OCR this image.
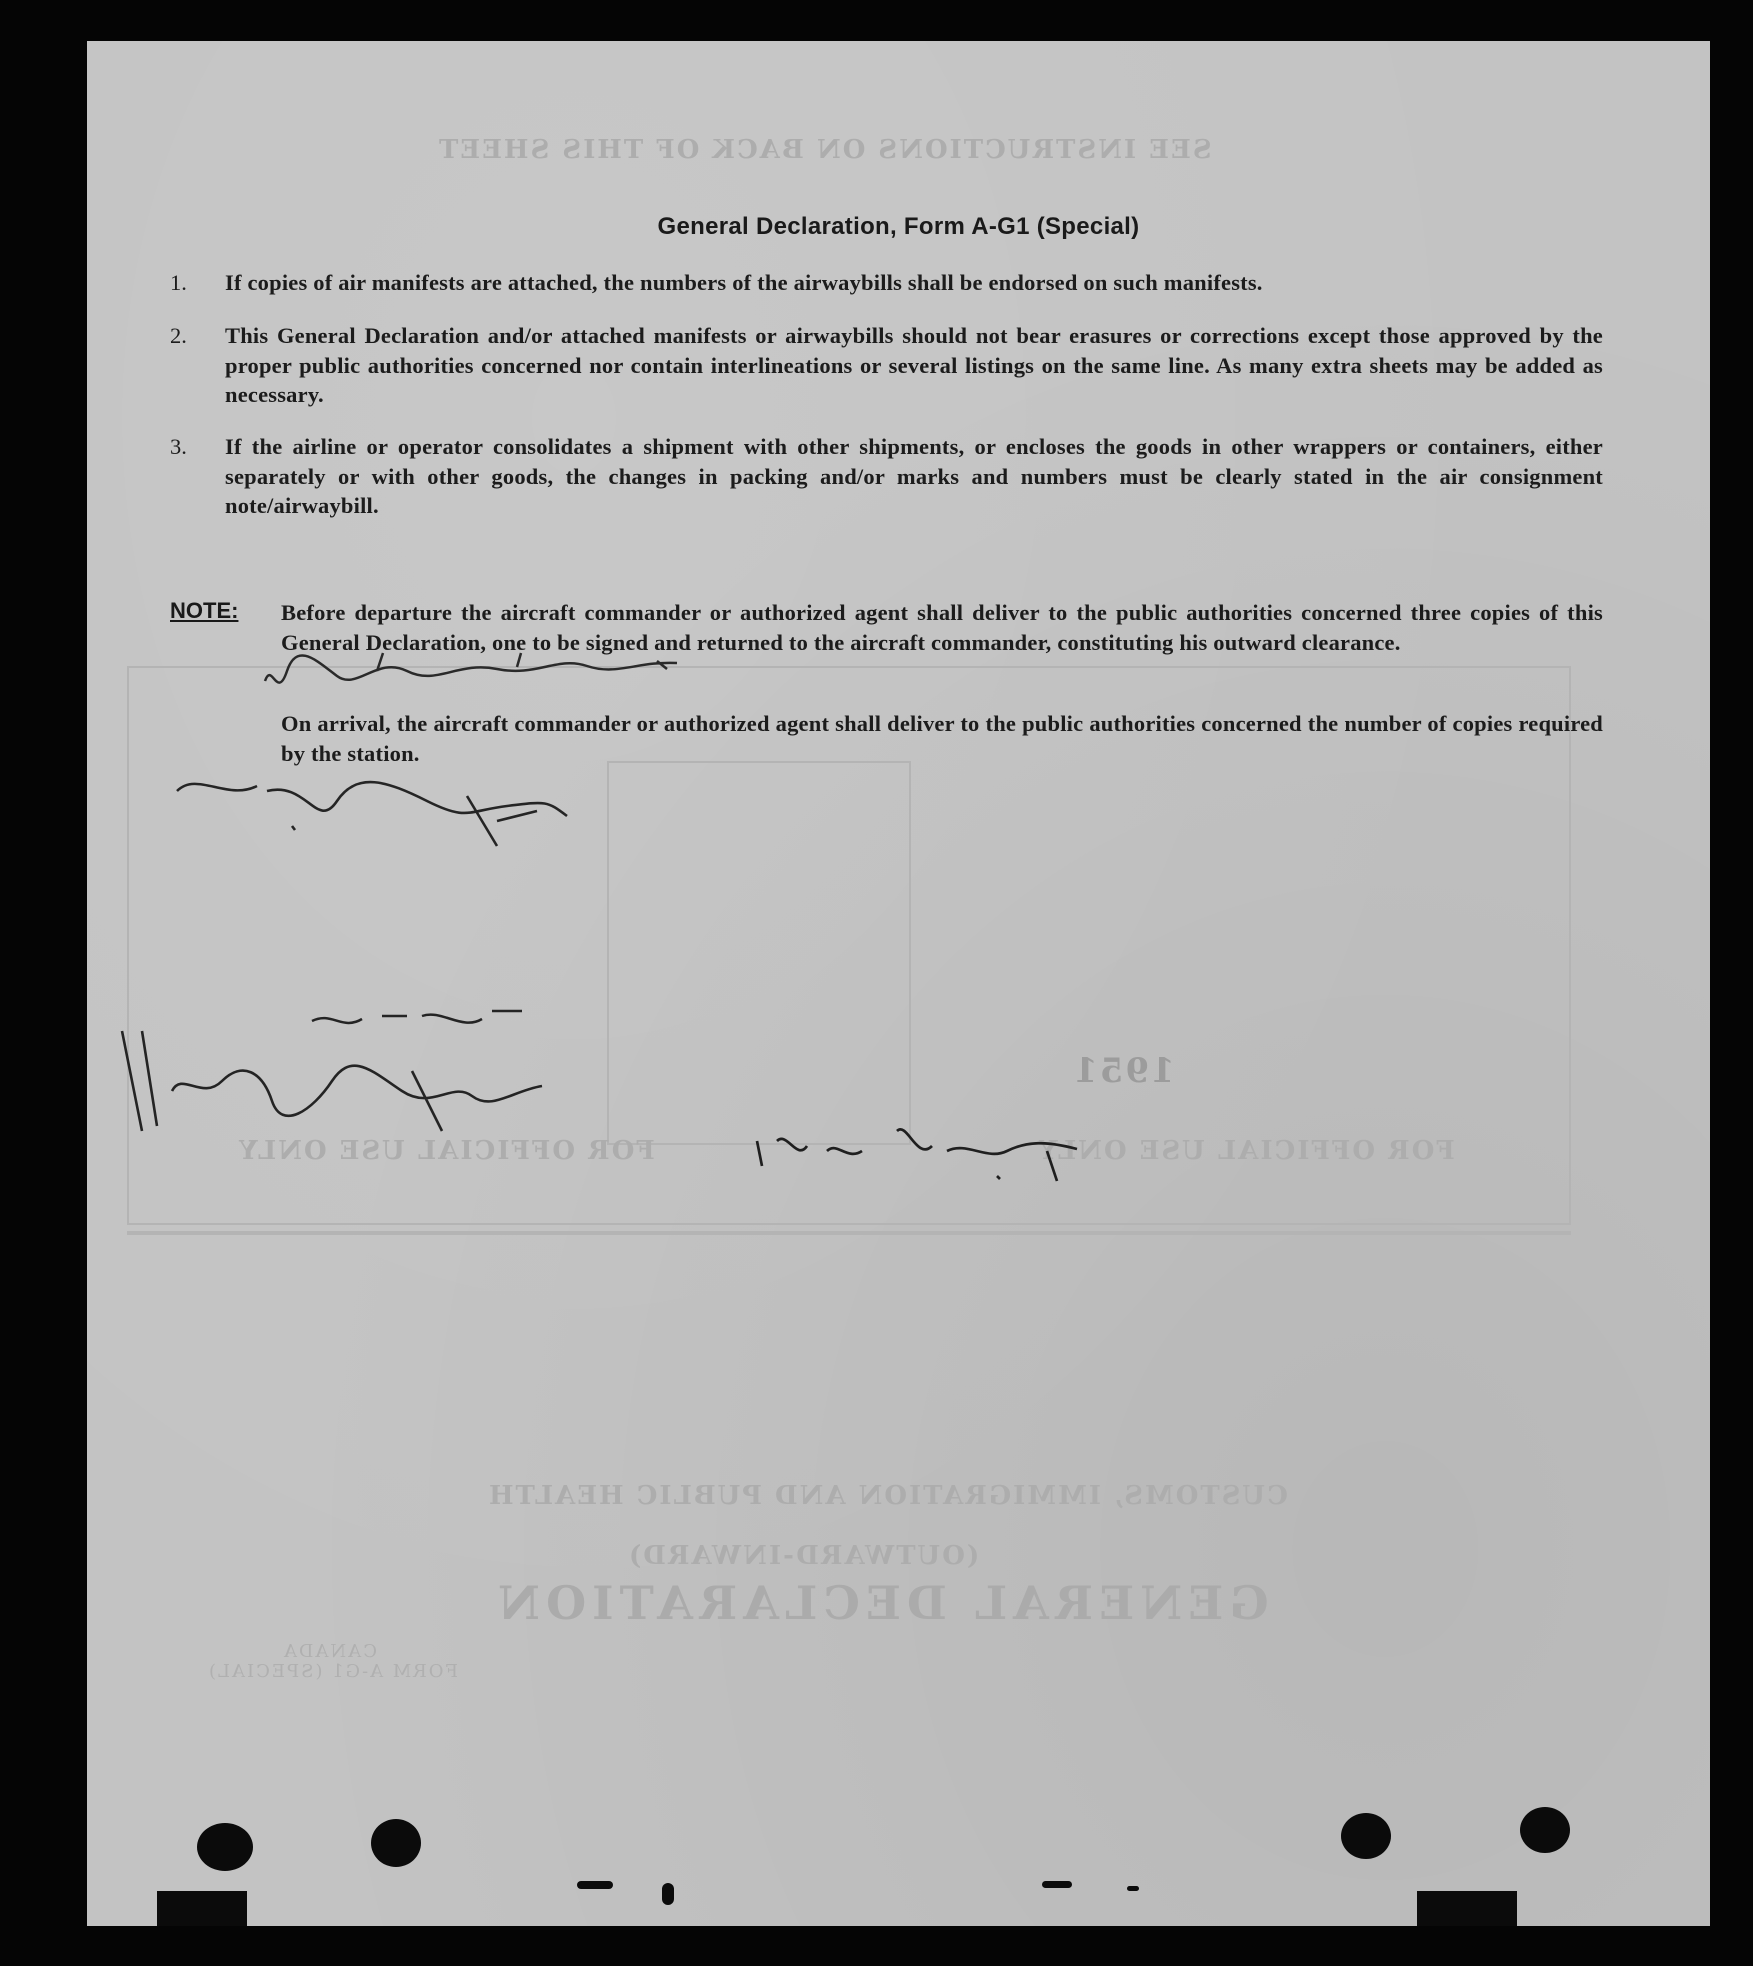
SEE INSTRUCTIONS ON BACK OF THIS SHEET
FOR OFFICIAL USE ONLY	FOR OFFICIAL USE ONLY
1951
CUSTOMS, IMMIGRATION AND PUBLIC HEALTH
(OUTWARD-INWARD)
GENERAL DECLARATION
FORM A-G1 (SPECIAL)
CANADA
General Declaration, Form A-G1 (Special)
1.	If copies of air manifests are attached, the numbers of the airwaybills shall be endorsed on such manifests.
2.	This General Declaration and/or attached manifests or airwaybills should not bear erasures or corrections except those approved by the proper public authorities concerned nor contain interlineations or several listings on the same line. As many extra sheets may be added as necessary.
3.	If the airline or operator consolidates a shipment with other shipments, or encloses the goods in other wrappers or containers, either separately or with other goods, the changes in packing and/or marks and numbers must be clearly stated in the air consignment note/airwaybill.
NOTE: Before departure the aircraft commander or authorized agent shall deliver to the public authorities concerned three copies of this General Declaration, one to be signed and returned to the aircraft commander, constituting his outward clearance.
On arrival, the aircraft commander or authorized agent shall deliver to the public authorities concerned the number of copies required by the station.
